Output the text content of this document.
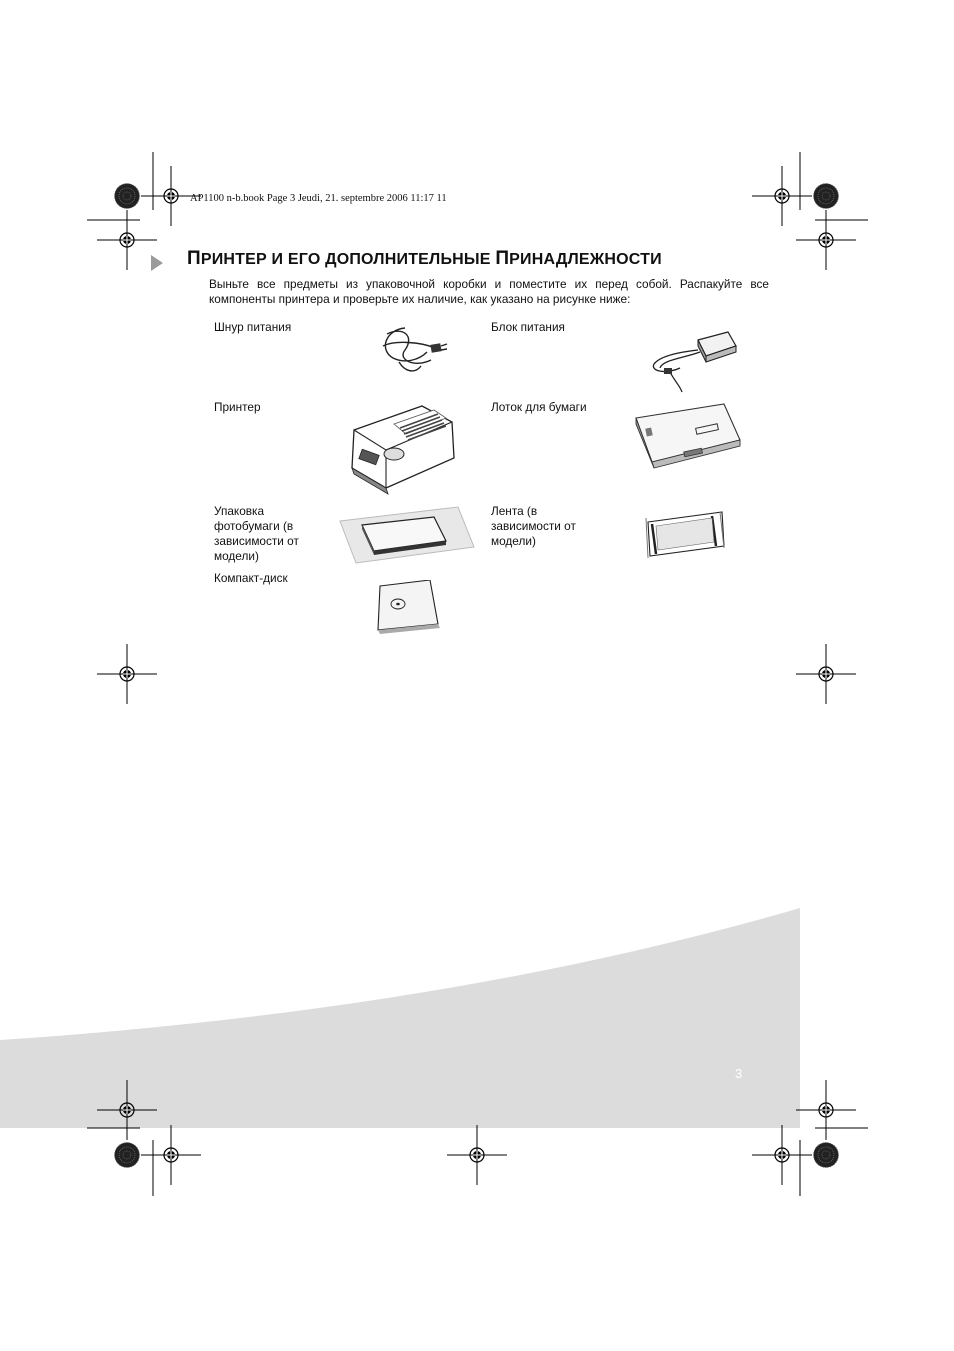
AP1100 n-b.book Page 3 Jeudi, 21. septembre 2006 11:17 11
ПРИНТЕР И ЕГО ДОПОЛНИТЕЛЬНЫЕ ПРИНАДЛЕЖНОСТИ
Выньте все предметы из упаковочной коробки и поместите их перед собой. Распакуйте все компоненты принтера и проверьте их наличие, как указано на рисунке ниже:
Шнур питания	Блок питания
Принтер	Лоток для бумаги
Упаковка фотобумаги (в зависимости от модели)
Лента (в зависимости от модели)
Компакт-диск
3
